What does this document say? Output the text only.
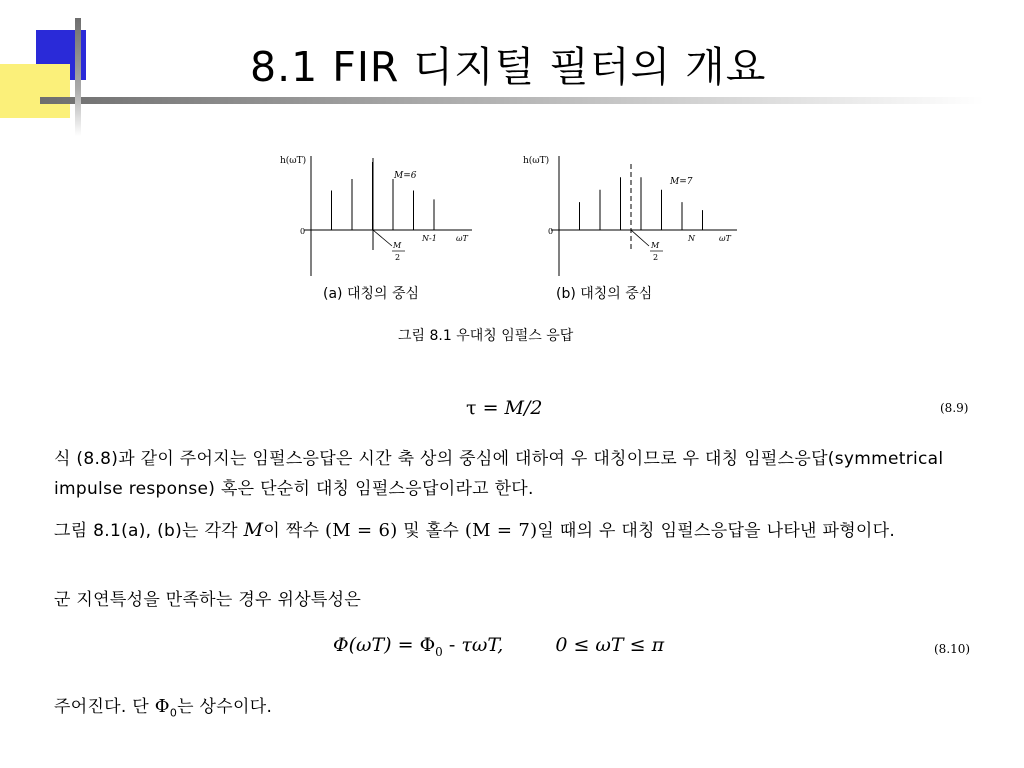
8.1 FIR 디지털 필터의 개요
h(ωT)
M=6
0
N-1 ωT
M
2
h(ωT)
M=7
0
N	ωT
M
2
(a) 대칭의 중심	(b) 대칭의 중심
그림 8.1 우대칭 임펄스 응답
τ = M/2	(8.9)
식 (8.8)과 같이 주어지는 임펄스응답은 시간 축 상의 중심에 대하여 우 대칭이므로 우 대칭 임펄스응답(symmetrical impulse response) 혹은 단순히 대칭 임펄스응답이라고 한다.
그림 8.1(a), (b)는 각각 M이 짝수 (M = 6) 및 홀수 (M = 7)일 때의 우 대칭 임펄스응답을 나타낸 파형이다.
군 지연특성을 만족하는 경우 위상특성은
$\Phi(\omega T) = \Phi_0 - \tau\omega T$,	0 ≤ ωT ≤ π	(8.10)
주어진다. 단 $\Phi_0$는 상수이다.
